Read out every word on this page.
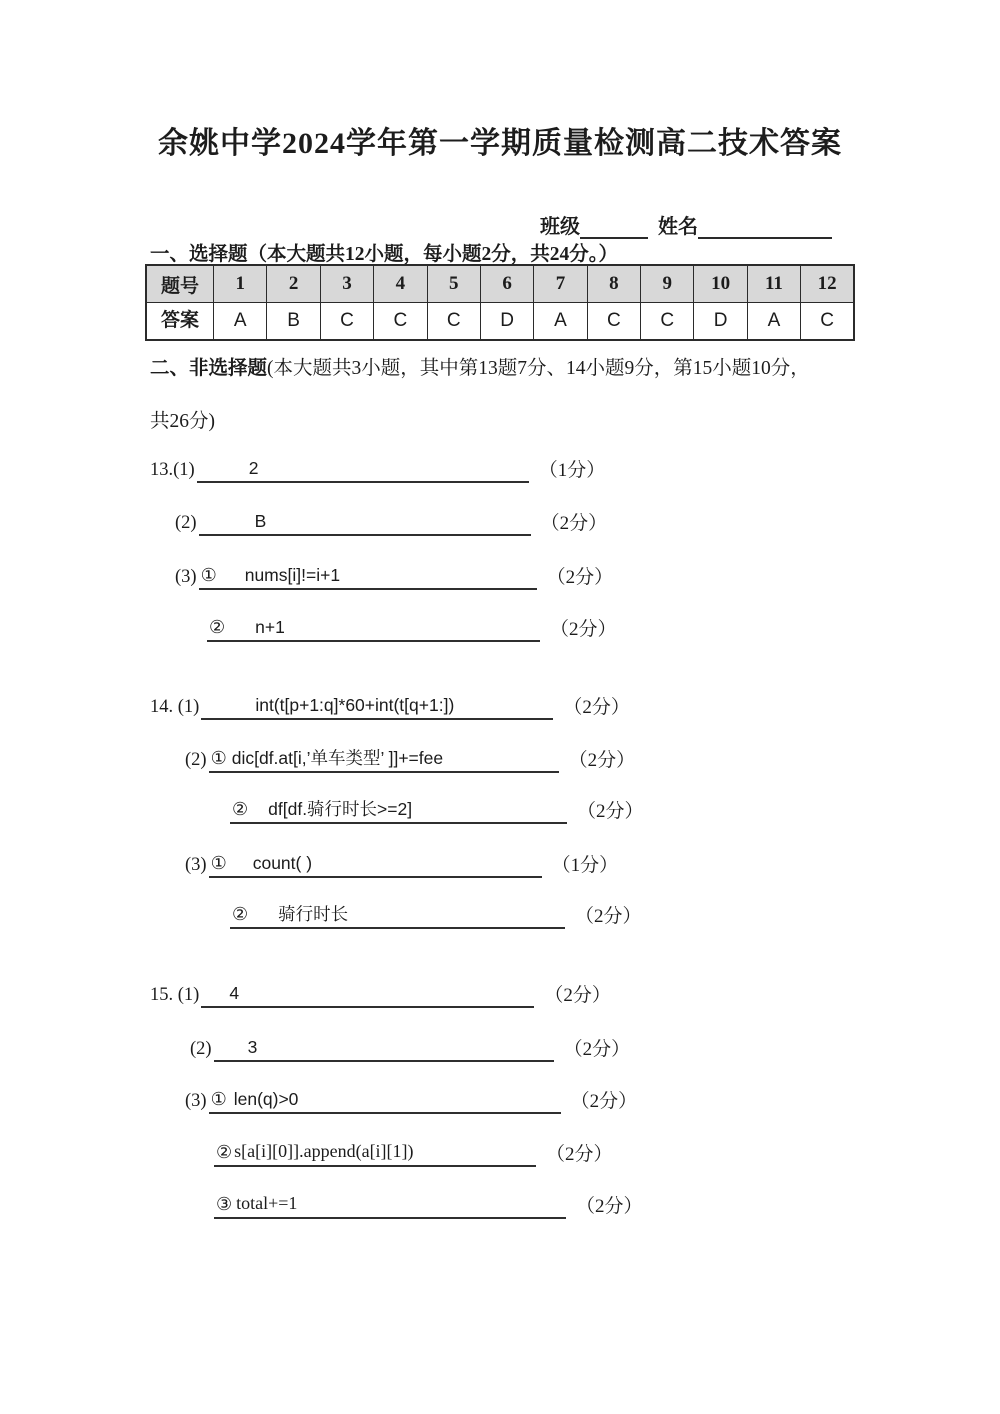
余姚中学2024学年第一学期质量检测高二技术答案
班级	姓名
一、选择题（本大题共12小题，每小题2分，共24分。）
题号	1	2	3	4	5	6	7	8	9	10	11	12
答案	A	B	C	C	C	D	A	C	C	D	A	C
二、非选择题(本大题共3小题，其中第13题7分、14小题9分，第15小题10分，
共26分)
13.(1)	2	（1分）
(2)	B	（2分）
(3) ① nums[i]!=i+1	（2分）
② n+1	（2分）
14. (1)	int(t[p+1:q]*60+int(t[q+1:])	（2分）
(2) ① dic[df.at[i,’单车类型’ ]]+=fee	（2分）
② df[df.骑行时长>=2]	（2分）
(3) ① count( )	（1分）
② 骑行时长	（2分）
15. (1) 4	（2分）
(2) 3	（2分）
(3) ① len(q)>0	（2分）
② s[a[i][0]].append(a[i][1])	（2分）
③ total+=1	（2分）
